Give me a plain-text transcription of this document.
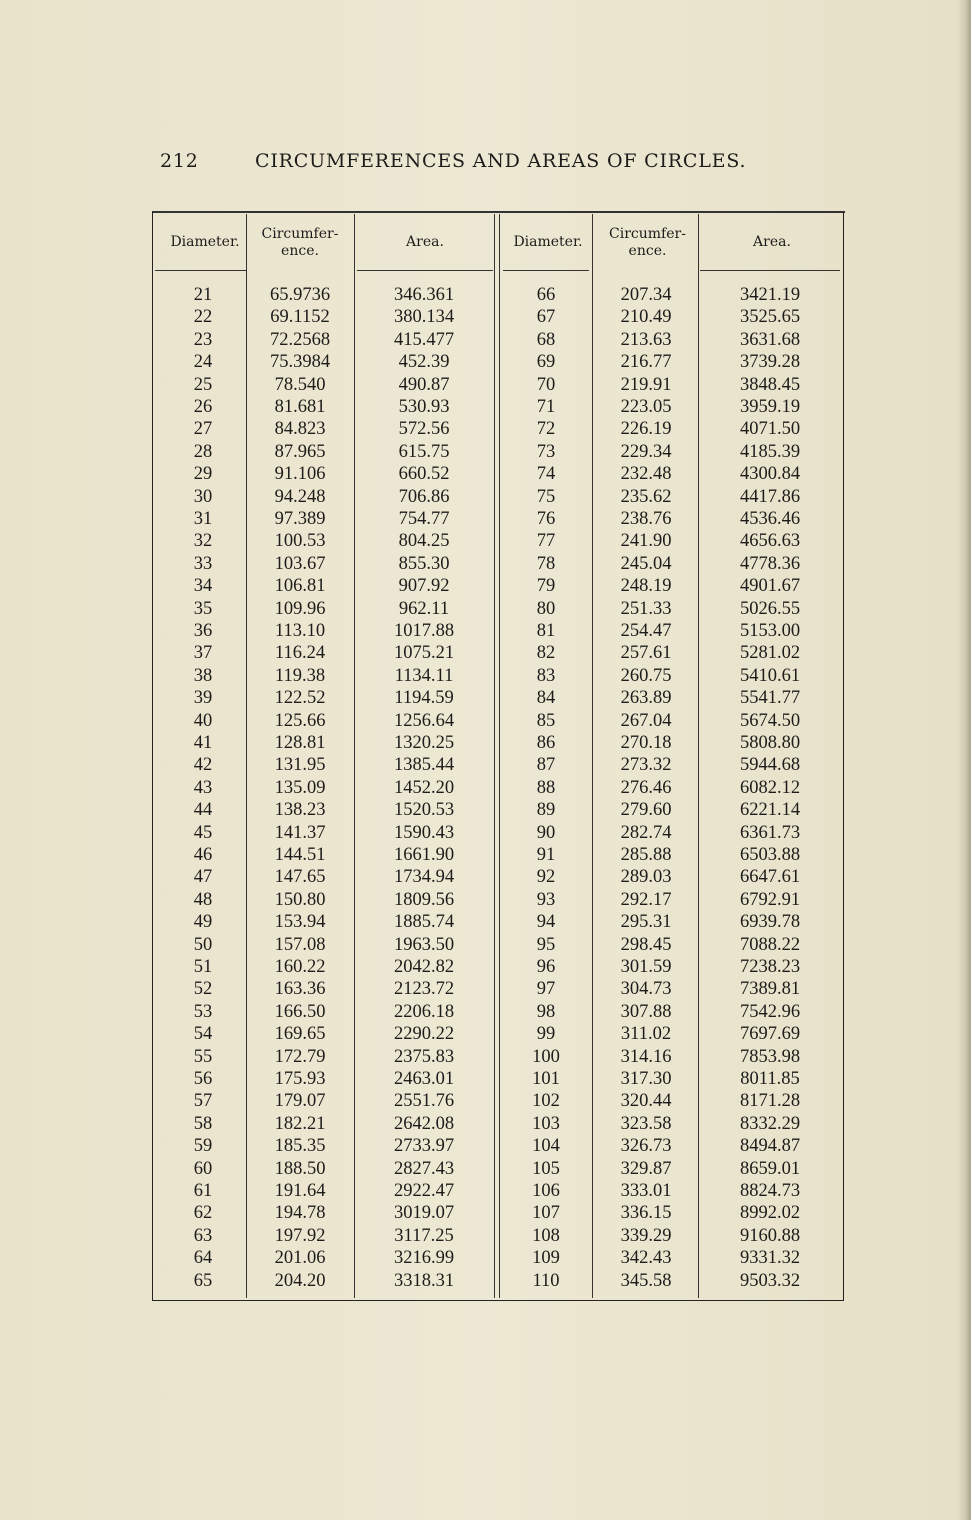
212	CIRCUMFERENCES AND AREAS OF CIRCLES.
Diameter.	Circumfer-
ence.
Area.	Diameter.	Circumfer-
ence.
Area.
21	65.9736	346.361	66	207.34	3421.19
22	69.1152	380.134	67	210.49	3525.65
23	72.2568	415.477	68	213.63	3631.68
24	75.3984	452.39	69	216.77	3739.28
25	78.540	490.87	70	219.91	3848.45
26	81.681	530.93	71	223.05	3959.19
27	84.823	572.56	72	226.19	4071.50
28	87.965	615.75	73	229.34	4185.39
29	91.106	660.52	74	232.48	4300.84
30	94.248	706.86	75	235.62	4417.86
31	97.389	754.77	76	238.76	4536.46
32	100.53	804.25	77	241.90	4656.63
33	103.67	855.30	78	245.04	4778.36
34	106.81	907.92	79	248.19	4901.67
35	109.96	962.11	80	251.33	5026.55
36	113.10	1017.88	81	254.47	5153.00
37	116.24	1075.21	82	257.61	5281.02
38	119.38	1134.11	83	260.75	5410.61
39	122.52	1194.59	84	263.89	5541.77
40	125.66	1256.64	85	267.04	5674.50
41	128.81	1320.25	86	270.18	5808.80
42	131.95	1385.44	87	273.32	5944.68
43	135.09	1452.20	88	276.46	6082.12
44	138.23	1520.53	89	279.60	6221.14
45	141.37	1590.43	90	282.74	6361.73
46	144.51	1661.90	91	285.88	6503.88
47	147.65	1734.94	92	289.03	6647.61
48	150.80	1809.56	93	292.17	6792.91
49	153.94	1885.74	94	295.31	6939.78
50	157.08	1963.50	95	298.45	7088.22
51	160.22	2042.82	96	301.59	7238.23
52	163.36	2123.72	97	304.73	7389.81
53	166.50	2206.18	98	307.88	7542.96
54	169.65	2290.22	99	311.02	7697.69
55	172.79	2375.83	100	314.16	7853.98
56	175.93	2463.01	101	317.30	8011.85
57	179.07	2551.76	102	320.44	8171.28
58	182.21	2642.08	103	323.58	8332.29
59	185.35	2733.97	104	326.73	8494.87
60	188.50	2827.43	105	329.87	8659.01
61	191.64	2922.47	106	333.01	8824.73
62	194.78	3019.07	107	336.15	8992.02
63	197.92	3117.25	108	339.29	9160.88
64	201.06	3216.99	109	342.43	9331.32
65	204.20	3318.31	110	345.58	9503.32
